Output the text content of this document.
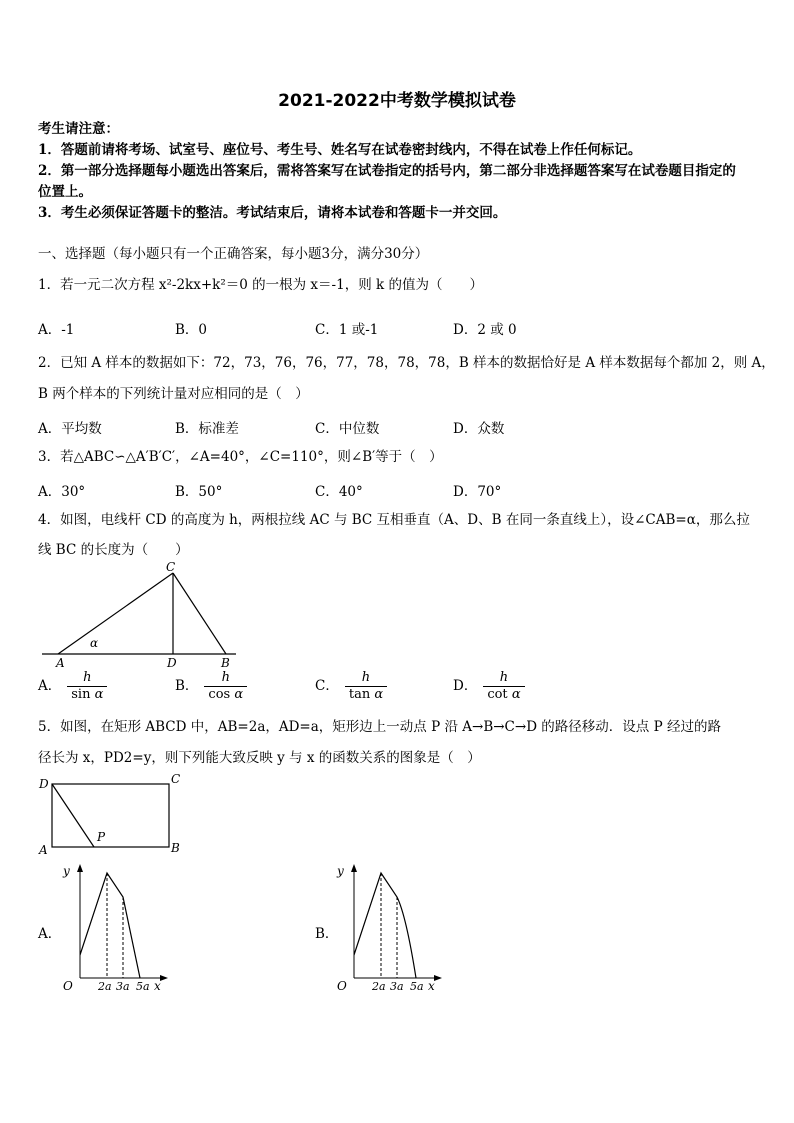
2021-2022中考数学模拟试卷
考生请注意：
1．答题前请将考场、试室号、座位号、考生号、姓名写在试卷密封线内，不得在试卷上作任何标记。
2．第一部分选择题每小题选出答案后，需将答案写在试卷指定的括号内，第二部分非选择题答案写在试卷题目指定的
位置上。
3．考生必须保证答题卡的整洁。考试结束后，请将本试卷和答题卡一并交回。
一、选择题（每小题只有一个正确答案，每小题3分，满分30分）
1．若一元二次方程 x²-2kx+k²＝0 的一根为 x＝-1，则 k 的值为（　　）
A．-1	B．0	C．1 或-1	D．2 或 0
2．已知 A 样本的数据如下：72，73，76，76，77，78，78，78，B 样本的数据恰好是 A 样本数据每个都加 2，则 A，
B 两个样本的下列统计量对应相同的是（　）
A．平均数	B．标准差	C．中位数	D．众数
3．若△ABC∽△A′B′C′，∠A=40°，∠C=110°，则∠B′等于（　）
A．30°	B．50°	C．40°	D．70°
4．如图，电线杆 CD 的高度为 h，两根拉线 AC 与 BC 互相垂直（A、D、B 在同一条直线上），设∠CAB=α，那么拉
线 BC 的长度为（　　）
C
A	D	B
α
A． $\frac{h}{\text{sin α}}$	B． $\frac{h}{\text{cos α}}$	C． $\frac{h}{\text{tan α}}$	D． $\frac{h}{\text{cot α}}$
5．如图，在矩形 ABCD 中，AB=2a，AD=a，矩形边上一动点 P 沿 A→B→C→D 的路径移动．设点 P 经过的路
径长为 x，PD2=y，则下列能大致反映 y 与 x 的函数关系的图象是（　）
D	C
A	B
P
A．
y
O 2a 3a 5a x
B．
y
O 2a 3a 5a x
